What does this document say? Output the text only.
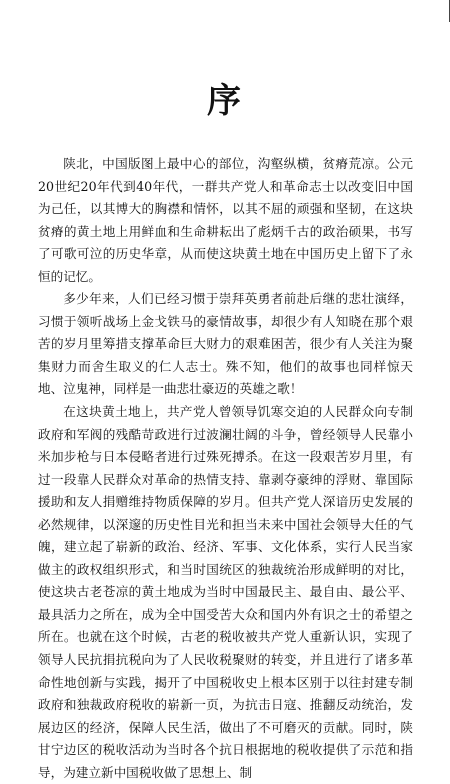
序

陕北，中国版图上最中心的部位，沟壑纵横，贫瘠荒凉。公元20世纪20年代到40年代，一群共产党人和革命志士以改变旧中国为己任，以其博大的胸襟和情怀，以其不屈的顽强和坚韧，在这块贫瘠的黄土地上用鲜血和生命耕耘出了彪炳千古的政治硕果，书写了可歌可泣的历史华章，从而使这块黄土地在中国历史上留下了永恒的记忆。

多少年来，人们已经习惯于崇拜英勇者前赴后继的悲壮演绎，习惯于领听战场上金戈铁马的豪情故事，却很少有人知晓在那个艰苦的岁月里筹措支撑革命巨大财力的艰难困苦，很少有人关注为聚集财力而舍生取义的仁人志士。殊不知，他们的故事也同样惊天地、泣鬼神，同样是一曲悲壮豪迈的英雄之歌！

在这块黄土地上，共产党人曾领导饥寒交迫的人民群众向专制政府和军阀的残酷苛政进行过波澜壮阔的斗争，曾经领导人民靠小米加步枪与日本侵略者进行过殊死搏杀。在这一段艰苦岁月里，有过一段靠人民群众对革命的热情支持、靠剥夺豪绅的浮财、靠国际援助和友人捐赠维持物质保障的岁月。但共产党人深谙历史发展的必然规律，以深邃的历史性目光和担当未来中国社会领导大任的气魄，建立起了崭新的政治、经济、军事、文化体系，实行人民当家做主的政权组织形式，和当时国统区的独裁统治形成鲜明的对比，使这块古老苍凉的黄土地成为当时中国最民主、最自由、最公平、最具活力之所在，成为全中国受苦大众和国内外有识之士的希望之所在。也就在这个时候，古老的税收被共产党人重新认识，实现了领导人民抗捐抗税向为了人民收税聚财的转变，并且进行了诸多革命性地创新与实践，揭开了中国税收史上根本区别于以往封建专制政府和独裁政府税收的崭新一页，为抗击日寇、推翻反动统治，发展边区的经济，保障人民生活，做出了不可磨灭的贡献。同时，陕甘宁边区的税收活动为当时各个抗日根据地的税收提供了示范和指导，为建立新中国税收做了思想上、制
